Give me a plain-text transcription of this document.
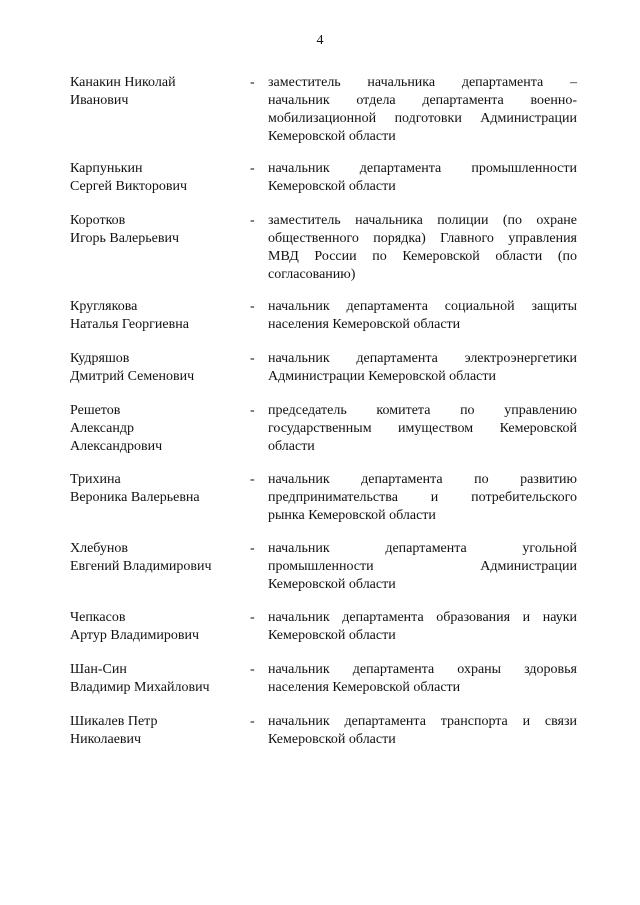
4
Канакин Николай
Иванович
- заместитель начальника департамента –
начальник отдела департамента военно-
мобилизационной подготовки Администрации
Кемеровской области
Карпунькин
Сергей Викторович
- начальник департамента промышленности
Кемеровской области
Коротков
Игорь Валерьевич
- заместитель начальника полиции (по охране
общественного порядка) Главного управления
МВД России по Кемеровской области (по
согласованию)
Круглякова
Наталья Георгиевна
- начальник департамента социальной защиты
населения Кемеровской области
Кудряшов
Дмитрий Семенович
- начальник департамента электроэнергетики
Администрации Кемеровской области
Решетов
Александр
Александрович
- председатель комитета по управлению
государственным имуществом Кемеровской
области
Трихина
Вероника Валерьевна
- начальник департамента по развитию
предпринимательства и потребительского
рынка Кемеровской области
Хлебунов
Евгений Владимирович
- начальник департамента угольной
промышленности Администрации
Кемеровской области
Чепкасов
Артур Владимирович
- начальник департамента образования и науки
Кемеровской области
Шан-Син
Владимир Михайлович
- начальник департамента охраны здоровья
населения Кемеровской области
Шикалев Петр
Николаевич
- начальник департамента транспорта и связи
Кемеровской области
